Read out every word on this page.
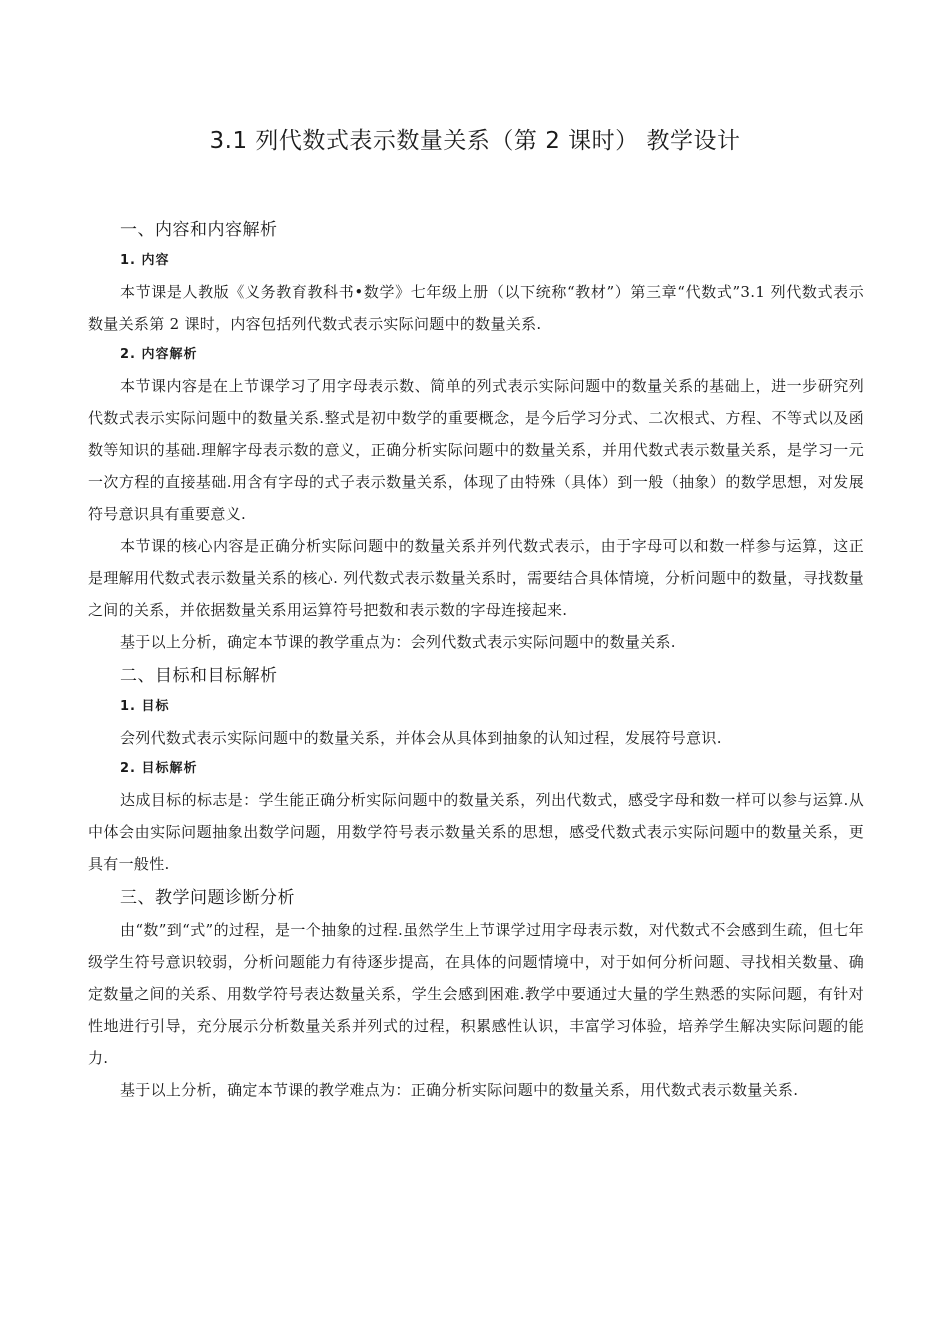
3.1 列代数式表示数量关系（第 2 课时） 教学设计
一、内容和内容解析
1. 内容

本节课是人教版《义务教育教科书•数学》七年级上册（以下统称“教材”）第三章“代数式”3.1 列代数式表示数量关系第 2 课时，内容包括列代数式表示实际问题中的数量关系.

2. 内容解析

本节课内容是在上节课学习了用字母表示数、简单的列式表示实际问题中的数量关系的基础上，进一步研究列代数式表示实际问题中的数量关系.整式是初中数学的重要概念，是今后学习分式、二次根式、方程、不等式以及函数等知识的基础.理解字母表示数的意义，正确分析实际问题中的数量关系，并用代数式表示数量关系，是学习一元一次方程的直接基础.用含有字母的式子表示数量关系，体现了由特殊（具体）到一般（抽象）的数学思想，对发展符号意识具有重要意义.

本节课的核心内容是正确分析实际问题中的数量关系并列代数式表示，由于字母可以和数一样参与运算，这正是理解用代数式表示数量关系的核心. 列代数式表示数量关系时，需要结合具体情境，分析问题中的数量，寻找数量之间的关系，并依据数量关系用运算符号把数和表示数的字母连接起来.

基于以上分析，确定本节课的教学重点为：会列代数式表示实际问题中的数量关系.

二、目标和目标解析
1. 目标

会列代数式表示实际问题中的数量关系，并体会从具体到抽象的认知过程，发展符号意识.

2. 目标解析

达成目标的标志是：学生能正确分析实际问题中的数量关系，列出代数式，感受字母和数一样可以参与运算.从中体会由实际问题抽象出数学问题，用数学符号表示数量关系的思想，感受代数式表示实际问题中的数量关系，更具有一般性.

三、教学问题诊断分析

由“数”到“式”的过程，是一个抽象的过程.虽然学生上节课学过用字母表示数，对代数式不会感到生疏，但七年级学生符号意识较弱，分析问题能力有待逐步提高，在具体的问题情境中，对于如何分析问题、寻找相关数量、确定数量之间的关系、用数学符号表达数量关系，学生会感到困难.教学中要通过大量的学生熟悉的实际问题，有针对性地进行引导，充分展示分析数量关系并列式的过程，积累感性认识，丰富学习体验，培养学生解决实际问题的能力.

基于以上分析，确定本节课的教学难点为：正确分析实际问题中的数量关系，用代数式表示数量关系.
